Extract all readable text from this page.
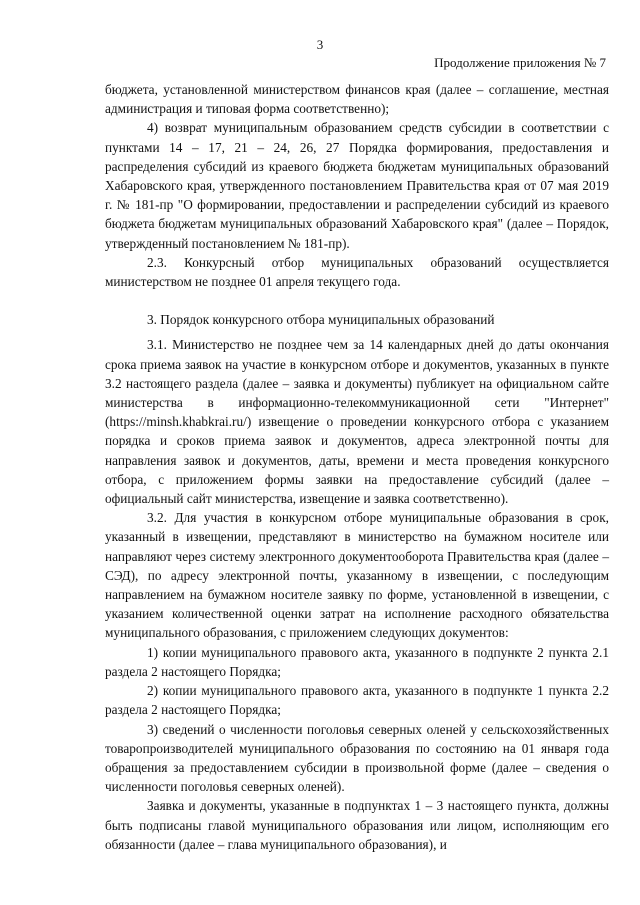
3
Продолжение приложения № 7

бюджета, установленной министерством финансов края (далее – соглашение, местная администрация и типовая форма соответственно);

4) возврат муниципальным образованием средств субсидии в соответствии с пунктами 14 – 17, 21 – 24, 26, 27 Порядка формирования, предоставления и распределения субсидий из краевого бюджета бюджетам муниципальных образований Хабаровского края, утвержденного постановлением Правительства края от 07 мая 2019 г. № 181-пр "О формировании, предоставлении и распределении субсидий из краевого бюджета бюджетам муниципальных образований Хабаровского края" (далее – Порядок, утвержденный постановлением № 181-пр).

2.3. Конкурсный отбор муниципальных образований осуществляется министерством не позднее 01 апреля текущего года.

3. Порядок конкурсного отбора муниципальных образований

3.1. Министерство не позднее чем за 14 календарных дней до даты окончания срока приема заявок на участие в конкурсном отборе и документов, указанных в пункте 3.2 настоящего раздела (далее – заявка и документы) публикует на официальном сайте министерства в информационно-телекоммуникационной сети "Интернет" (https://minsh.khabkrai.ru/) извещение о проведении конкурсного отбора с указанием порядка и сроков приема заявок и документов, адреса электронной почты для направления заявок и документов, даты, времени и места проведения конкурсного отбора, с приложением формы заявки на предоставление субсидий (далее – официальный сайт министерства, извещение и заявка соответственно).

3.2. Для участия в конкурсном отборе муниципальные образования в срок, указанный в извещении, представляют в министерство на бумажном носителе или направляют через систему электронного документооборота Правительства края (далее – СЭД), по адресу электронной почты, указанному в извещении, с последующим направлением на бумажном носителе заявку по форме, установленной в извещении, с указанием количественной оценки затрат на исполнение расходного обязательства муниципального образования, с приложением следующих документов:

1) копии муниципального правового акта, указанного в подпункте 2 пункта 2.1 раздела 2 настоящего Порядка;

2) копии муниципального правового акта, указанного в подпункте 1 пункта 2.2 раздела 2 настоящего Порядка;

3) сведений о численности поголовья северных оленей у сельскохозяйственных товаропроизводителей муниципального образования по состоянию на 01 января года обращения за предоставлением субсидии в произвольной форме (далее – сведения о численности поголовья северных оленей).

Заявка и документы, указанные в подпунктах 1 – 3 настоящего пункта, должны быть подписаны главой муниципального образования или лицом, исполняющим его обязанности (далее – глава муниципального образования), и
